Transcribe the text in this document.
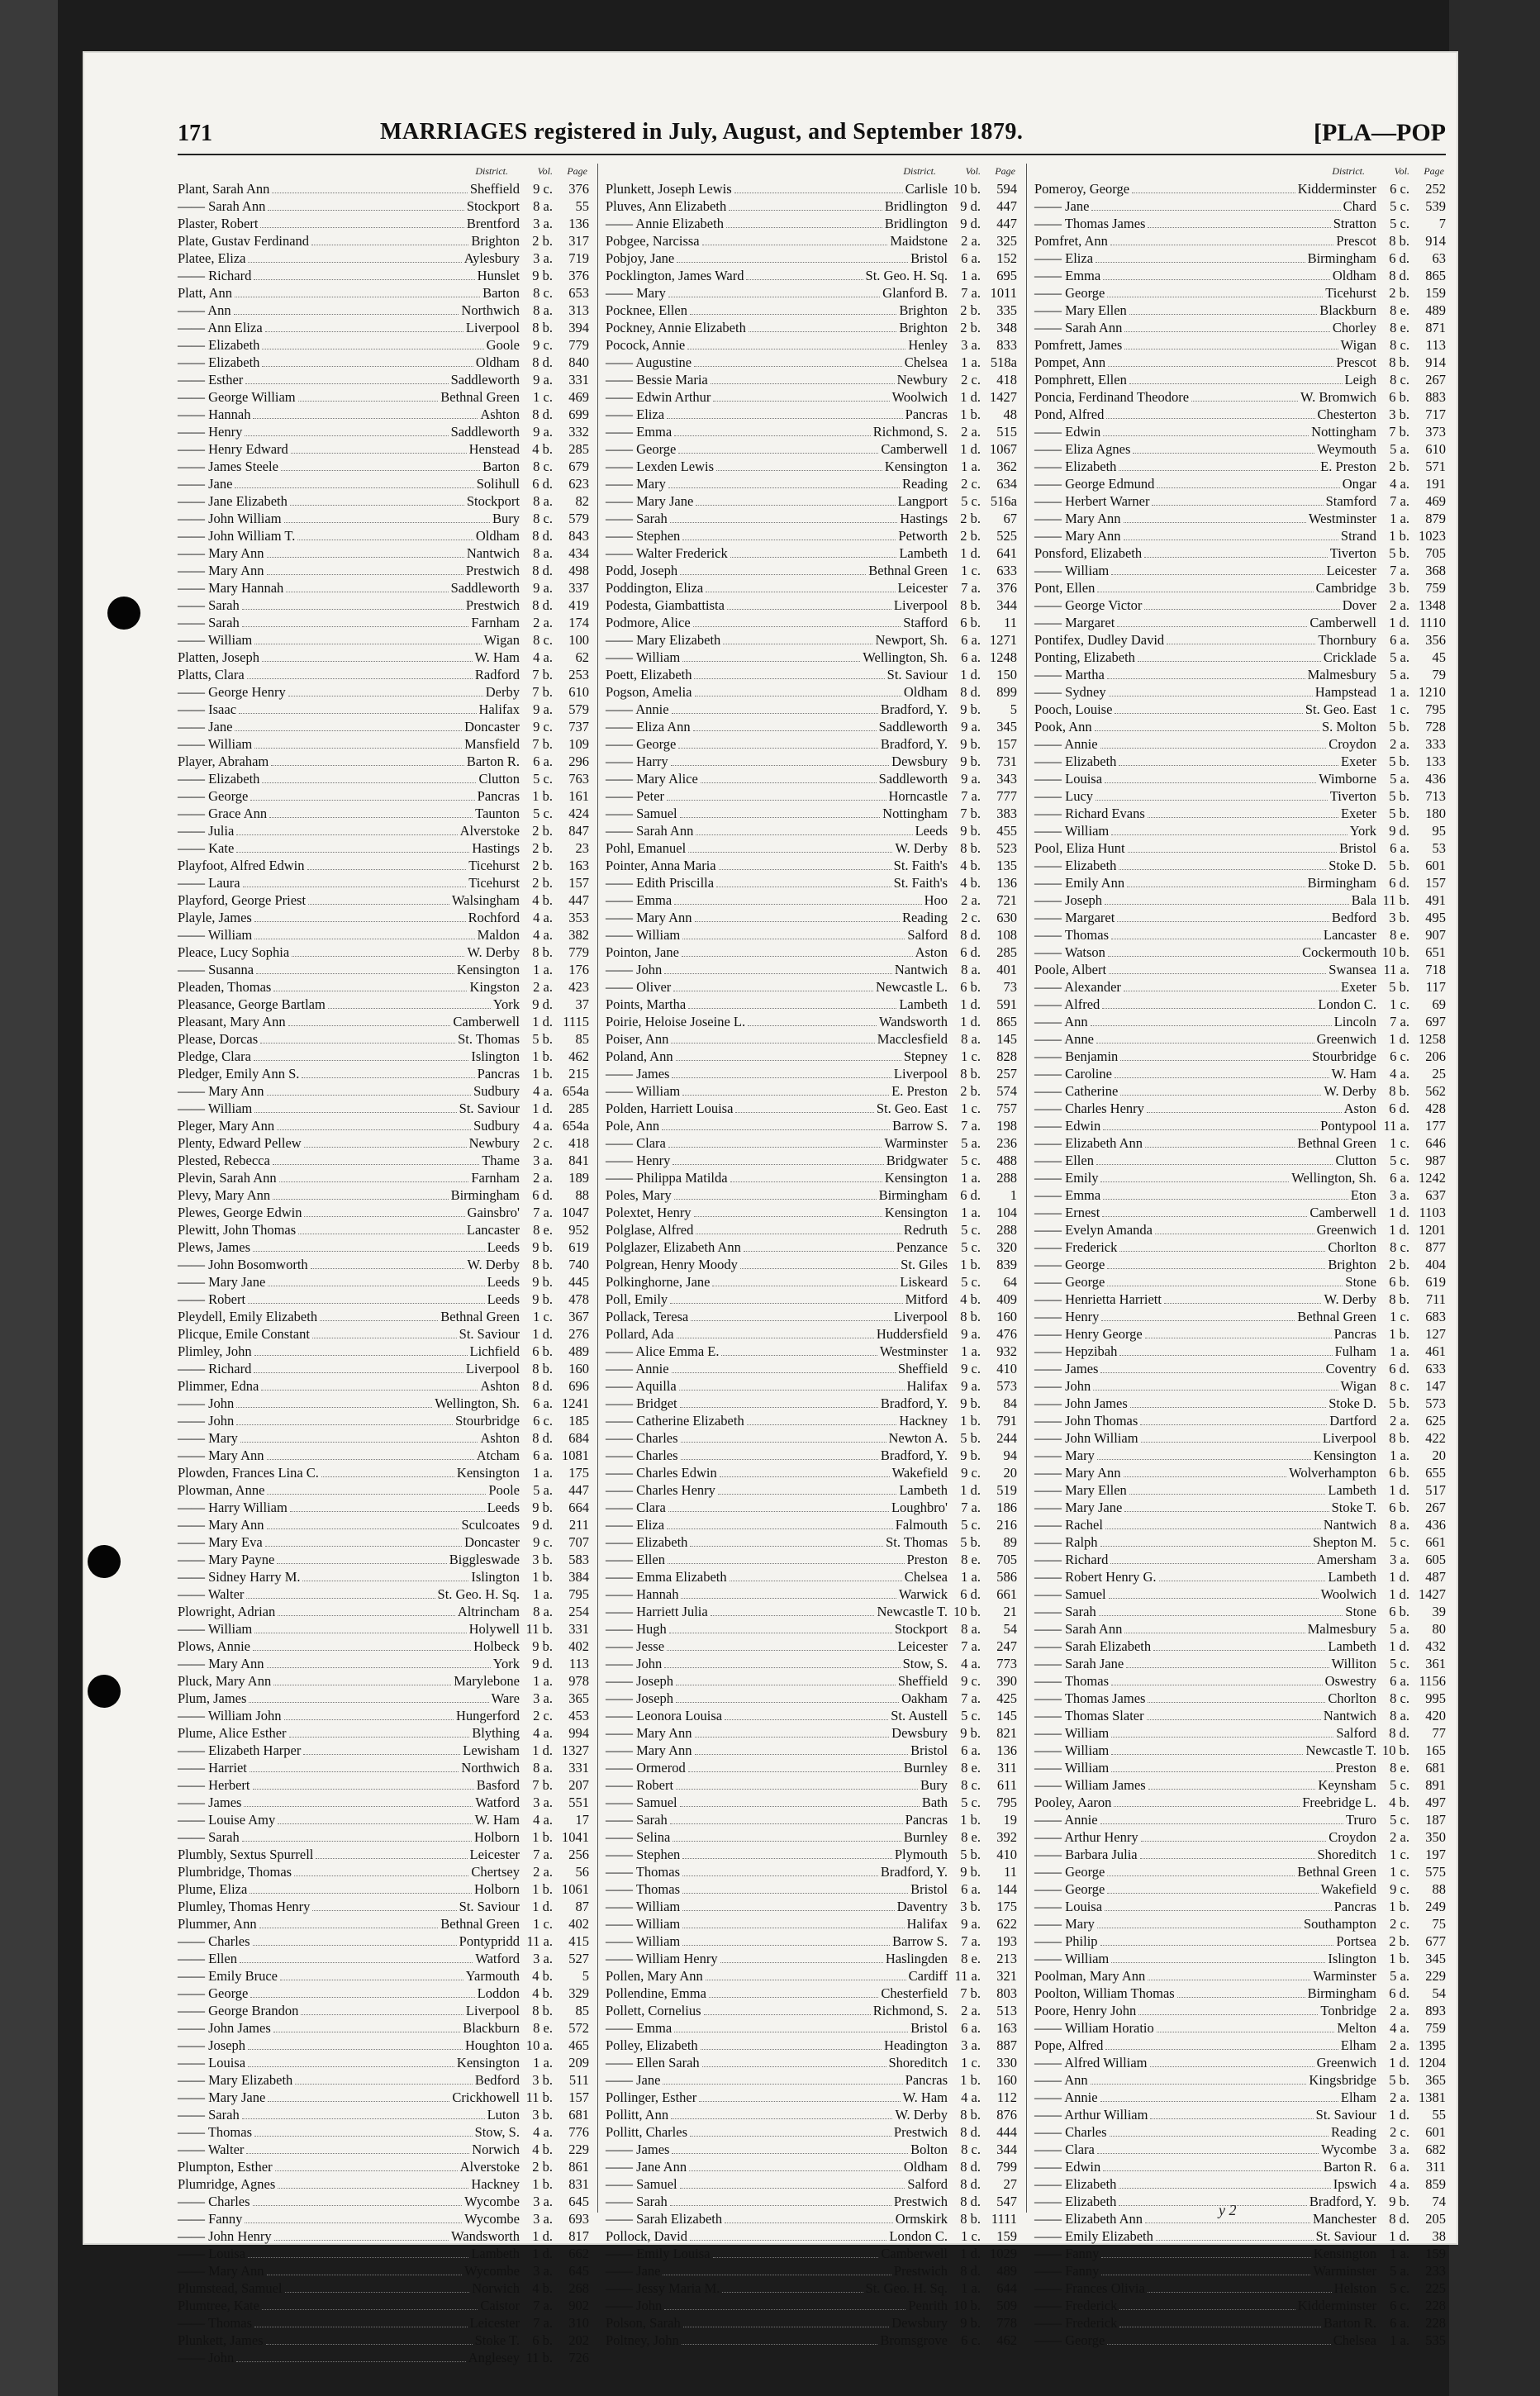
171	MARRIAGES registered in July, August, and September 1879.	[PLA—POP
District.	Vol. Page
Plant, Sarah Ann	Sheffield 9 c.	376
—— Sarah Ann	Stockport 8 a.	55
Plaster, Robert	Brentford 3 a.	136
Plate, Gustav Ferdinand	Brighton 2 b.	317
Platee, Eliza	Aylesbury 3 a.	719
—— Richard	Hunslet 9 b.	376
Platt, Ann	Barton 8 c.	653
—— Ann	Northwich 8 a.	313
—— Ann Eliza	Liverpool 8 b.	394
—— Elizabeth	Goole 9 c.	779
—— Elizabeth	Oldham 8 d.	840
—— Esther	Saddleworth 9 a.	331
—— George William	Bethnal Green 1 c.	469
—— Hannah	Ashton 8 d.	699
—— Henry	Saddleworth 9 a.	332
—— Henry Edward	Henstead 4 b.	285
—— James Steele	Barton 8 c.	679
—— Jane	Solihull 6 d.	623
—— Jane Elizabeth	Stockport 8 a.	82
—— John William	Bury 8 c.	579
—— John William T.	Oldham 8 d.	843
—— Mary Ann	Nantwich 8 a.	434
—— Mary Ann	Prestwich 8 d.	498
—— Mary Hannah	Saddleworth 9 a.	337
—— Sarah	Prestwich 8 d.	419
—— Sarah	Farnham 2 a.	174
—— William	Wigan 8 c.	100
Platten, Joseph	W. Ham 4 a.	62
Platts, Clara	Radford 7 b.	253
—— George Henry	Derby 7 b.	610
—— Isaac	Halifax 9 a.	579
—— Jane	Doncaster 9 c.	737
—— William	Mansfield 7 b.	109
Player, Abraham	Barton R. 6 a.	296
—— Elizabeth	Clutton 5 c.	763
—— George	Pancras 1 b.	161
—— Grace Ann	Taunton 5 c.	424
—— Julia	Alverstoke 2 b.	847
—— Kate	Hastings 2 b.	23
Playfoot, Alfred Edwin	Ticehurst 2 b.	163
—— Laura	Ticehurst 2 b.	157
Playford, George Priest	Walsingham 4 b.	447
Playle, James	Rochford 4 a.	353
—— William	Maldon 4 a.	382
Pleace, Lucy Sophia	W. Derby 8 b.	779
—— Susanna	Kensington 1 a.	176
Pleaden, Thomas	Kingston 2 a.	423
Pleasance, George Bartlam	York 9 d.	37
Pleasant, Mary Ann	Camberwell 1 d. 1115
Please, Dorcas	St. Thomas 5 b.	85
Pledge, Clara	Islington 1 b.	462
Pledger, Emily Ann S.	Pancras 1 b.	215
—— Mary Ann	Sudbury 4 a. 654a
—— William	St. Saviour 1 d.	285
Pleger, Mary Ann	Sudbury 4 a. 654a
Plenty, Edward Pellew	Newbury 2 c.	418
Plested, Rebecca	Thame 3 a.	841
Plevin, Sarah Ann	Farnham 2 a.	189
Plevy, Mary Ann	Birmingham 6 d.	88
Plewes, George Edwin	Gainsbro' 7 a. 1047
Plewitt, John Thomas	Lancaster 8 e.	952
Plews, James	Leeds 9 b.	619
—— John Bosomworth	W. Derby 8 b.	740
—— Mary Jane	Leeds 9 b.	445
—— Robert	Leeds 9 b.	478
Pleydell, Emily Elizabeth	Bethnal Green 1 c.	367
Plicque, Emile Constant	St. Saviour 1 d.	276
Plimley, John	Lichfield 6 b.	489
—— Richard	Liverpool 8 b.	160
Plimmer, Edna	Ashton 8 d.	696
—— John	Wellington, Sh. 6 a. 1241
—— John	Stourbridge 6 c.	185
—— Mary	Ashton 8 d.	684
—— Mary Ann	Atcham 6 a. 1081
Plowden, Frances Lina C.	Kensington 1 a.	175
Plowman, Anne	Poole 5 a.	447
—— Harry William	Leeds 9 b.	664
—— Mary Ann	Sculcoates 9 d.	211
—— Mary Eva	Doncaster 9 c.	707
—— Mary Payne	Biggleswade 3 b.	583
—— Sidney Harry M.	Islington 1 b.	384
—— Walter	St. Geo. H. Sq. 1 a.	795
Plowright, Adrian	Altrincham 8 a.	254
—— William	Holywell 11 b.	331
Plows, Annie	Holbeck 9 b.	402
—— Mary Ann	York 9 d.	113
Pluck, Mary Ann	Marylebone 1 a.	978
Plum, James	Ware 3 a.	365
—— William John	Hungerford 2 c.	453
Plume, Alice Esther	Blything 4 a.	994
—— Elizabeth Harper	Lewisham 1 d. 1327
—— Harriet	Northwich 8 a.	331
—— Herbert	Basford 7 b.	207
—— James	Watford 3 a.	551
—— Louise Amy	W. Ham 4 a.	17
—— Sarah	Holborn 1 b. 1041
Plumbly, Sextus Spurrell	Leicester 7 a.	256
Plumbridge, Thomas	Chertsey 2 a.	56
Plume, Eliza	Holborn 1 b. 1061
Plumley, Thomas Henry	St. Saviour 1 d.	87
Plummer, Ann	Bethnal Green 1 c.	402
—— Charles	Pontypridd 11 a.	415
—— Ellen	Watford 3 a.	527
—— Emily Bruce	Yarmouth 4 b.	5
—— George	Loddon 4 b.	329
—— George Brandon	Liverpool 8 b.	85
—— John James	Blackburn 8 e.	572
—— Joseph	Houghton 10 a.	465
—— Louisa	Kensington 1 a.	209
—— Mary Elizabeth	Bedford 3 b.	511
—— Mary Jane	Crickhowell 11 b.	157
—— Sarah	Luton 3 b.	681
—— Thomas	Stow, S. 4 a.	776
—— Walter	Norwich 4 b.	229
Plumpton, Esther	Alverstoke 2 b.	861
Plumridge, Agnes	Hackney 1 b.	831
—— Charles	Wycombe 3 a.	645
—— Fanny	Wycombe 3 a.	693
—— John Henry	Wandsworth 1 d.	817
—— Louisa	Lambeth 1 d.	662
—— Mary Ann	Wycombe 3 a.	645
Plumstead, Samuel	Norwich 4 b.	268
Plumtree, Kate	Caistor 7 a.	902
—— Thomas	Leicester 7 a.	310
Plunkett, James	Stoke T. 6 b.	202
—— John	Anglesey 11 b.	726
District.	Vol. Page
Plunkett, Joseph Lewis	Carlisle 10 b.	594
Pluves, Ann Elizabeth	Bridlington 9 d.	447
—— Annie Elizabeth	Bridlington 9 d.	447
Pobgee, Narcissa	Maidstone 2 a.	325
Pobjoy, Jane	Bristol 6 a.	152
Pocklington, James Ward	St. Geo. H. Sq. 1 a.	695
—— Mary	Glanford B. 7 a. 1011
Pocknee, Ellen	Brighton 2 b.	335
Pockney, Annie Elizabeth	Brighton 2 b.	348
Pocock, Annie	Henley 3 a.	833
—— Augustine	Chelsea 1 a. 518a
—— Bessie Maria	Newbury 2 c.	418
—— Edwin Arthur	Woolwich 1 d. 1427
—— Eliza	Pancras 1 b.	48
—— Emma	Richmond, S. 2 a.	515
—— George	Camberwell 1 d. 1067
—— Lexden Lewis	Kensington 1 a.	362
—— Mary	Reading 2 c.	634
—— Mary Jane	Langport 5 c. 516a
—— Sarah	Hastings 2 b.	67
—— Stephen	Petworth 2 b.	525
—— Walter Frederick	Lambeth 1 d.	641
Podd, Joseph	Bethnal Green 1 c.	633
Poddington, Eliza	Leicester 7 a.	376
Podesta, Giambattista	Liverpool 8 b.	344
Podmore, Alice	Stafford 6 b.	11
—— Mary Elizabeth	Newport, Sh. 6 a. 1271
—— William	Wellington, Sh. 6 a. 1248
Poett, Elizabeth	St. Saviour 1 d.	150
Pogson, Amelia	Oldham 8 d.	899
—— Annie	Bradford, Y. 9 b.	5
—— Eliza Ann	Saddleworth 9 a.	345
—— George	Bradford, Y. 9 b.	157
—— Harry	Dewsbury 9 b.	731
—— Mary Alice	Saddleworth 9 a.	343
—— Peter	Horncastle 7 a.	777
—— Samuel	Nottingham 7 b.	383
—— Sarah Ann	Leeds 9 b.	455
Pohl, Emanuel	W. Derby 8 b.	523
Pointer, Anna Maria	St. Faith's 4 b.	135
—— Edith Priscilla	St. Faith's 4 b.	136
—— Emma	Hoo 2 a.	721
—— Mary Ann	Reading 2 c.	630
—— William	Salford 8 d.	108
Pointon, Jane	Aston 6 d.	285
—— John	Nantwich 8 a.	401
—— Oliver	Newcastle L. 6 b.	73
Points, Martha	Lambeth 1 d.	591
Poirie, Heloise Joseine L.	Wandsworth 1 d.	865
Poiser, Ann	Macclesfield 8 a.	145
Poland, Ann	Stepney 1 c.	828
—— James	Liverpool 8 b.	257
—— William	E. Preston 2 b.	574
Polden, Harriett Louisa	St. Geo. East 1 c.	757
Pole, Ann	Barrow S. 7 a.	198
—— Clara	Warminster 5 a.	236
—— Henry	Bridgwater 5 c.	488
—— Philippa Matilda	Kensington 1 a.	288
Poles, Mary	Birmingham 6 d.	1
Polextet, Henry	Kensington 1 a.	104
Polglase, Alfred	Redruth 5 c.	288
Polglazer, Elizabeth Ann	Penzance 5 c.	320
Polgrean, Henry Moody	St. Giles 1 b.	839
Polkinghorne, Jane	Liskeard 5 c.	64
Poll, Emily	Mitford 4 b.	409
Pollack, Teresa	Liverpool 8 b.	160
Pollard, Ada	Huddersfield 9 a.	476
—— Alice Emma E.	Westminster 1 a.	932
—— Annie	Sheffield 9 c.	410
—— Aquilla	Halifax 9 a.	573
—— Bridget	Bradford, Y. 9 b.	84
—— Catherine Elizabeth	Hackney 1 b.	791
—— Charles	Newton A. 5 b.	244
—— Charles	Bradford, Y. 9 b.	94
—— Charles Edwin	Wakefield 9 c.	20
—— Charles Henry	Lambeth 1 d.	519
—— Clara	Loughbro' 7 a.	186
—— Eliza	Falmouth 5 c.	216
—— Elizabeth	St. Thomas 5 b.	89
—— Ellen	Preston 8 e.	705
—— Emma Elizabeth	Chelsea 1 a.	586
—— Hannah	Warwick 6 d.	661
—— Harriett Julia	Newcastle T. 10 b.	21
—— Hugh	Stockport 8 a.	54
—— Jesse	Leicester 7 a.	247
—— John	Stow, S. 4 a.	773
—— Joseph	Sheffield 9 c.	390
—— Joseph	Oakham 7 a.	425
—— Leonora Louisa	St. Austell 5 c.	145
—— Mary Ann	Dewsbury 9 b.	821
—— Mary Ann	Bristol 6 a.	136
—— Ormerod	Burnley 8 e.	311
—— Robert	Bury 8 c.	611
—— Samuel	Bath 5 c.	795
—— Sarah	Pancras 1 b.	19
—— Selina	Burnley 8 e.	392
—— Stephen	Plymouth 5 b.	410
—— Thomas	Bradford, Y. 9 b.	11
—— Thomas	Bristol 6 a.	144
—— William	Daventry 3 b.	175
—— William	Halifax 9 a.	622
—— William	Barrow S. 7 a.	193
—— William Henry	Haslingden 8 e.	213
Pollen, Mary Ann	Cardiff 11 a.	321
Pollendine, Emma	Chesterfield 7 b.	803
Pollett, Cornelius	Richmond, S. 2 a.	513
—— Emma	Bristol 6 a.	163
Polley, Elizabeth	Headington 3 a.	887
—— Ellen Sarah	Shoreditch 1 c.	330
—— Jane	Pancras 1 b.	160
Pollinger, Esther	W. Ham 4 a.	112
Pollitt, Ann	W. Derby 8 b.	876
Pollitt, Charles	Prestwich 8 d.	444
—— James	Bolton 8 c.	344
—— Jane Ann	Oldham 8 d.	799
—— Samuel	Salford 8 d.	27
—— Sarah	Prestwich 8 d.	547
—— Sarah Elizabeth	Ormskirk 8 b. 1111
Pollock, David	London C. 1 c.	159
—— Emily Louisa	Camberwell 1 d. 1029
—— Jane	Prestwich 8 d.	489
—— Jessy Maria M.	St. Geo. H. Sq. 1 a.	644
—— John	Penrith 10 b.	509
Polson, Sarah	Dewsbury 9 b.	778
Poltney, John	Bromsgrove 6 c.	462
District.	Vol. Page
Pomeroy, George	Kidderminster 6 c.	252
—— Jane	Chard 5 c.	539
—— Thomas James	Stratton 5 c.	7
Pomfret, Ann	Prescot 8 b.	914
—— Eliza	Birmingham 6 d.	63
—— Emma	Oldham 8 d.	865
—— George	Ticehurst 2 b.	159
—— Mary Ellen	Blackburn 8 e.	489
—— Sarah Ann	Chorley 8 e.	871
Pomfrett, James	Wigan 8 c.	113
Pompet, Ann	Prescot 8 b.	914
Pomphrett, Ellen	Leigh 8 c.	267
Poncia, Ferdinand Theodore	W. Bromwich 6 b.	883
Pond, Alfred	Chesterton 3 b.	717
—— Edwin	Nottingham 7 b.	373
—— Eliza Agnes	Weymouth 5 a.	610
—— Elizabeth	E. Preston 2 b.	571
—— George Edmund	Ongar 4 a.	191
—— Herbert Warner	Stamford 7 a.	469
—— Mary Ann	Westminster 1 a.	879
—— Mary Ann	Strand 1 b. 1023
Ponsford, Elizabeth	Tiverton 5 b.	705
—— William	Leicester 7 a.	368
Pont, Ellen	Cambridge 3 b.	759
—— George Victor	Dover 2 a. 1348
—— Margaret	Camberwell 1 d. 1110
Pontifex, Dudley David	Thornbury 6 a.	356
Ponting, Elizabeth	Cricklade 5 a.	45
—— Martha	Malmesbury 5 a.	79
—— Sydney	Hampstead 1 a. 1210
Pooch, Louise	St. Geo. East 1 c.	795
Pook, Ann	S. Molton 5 b.	728
—— Annie	Croydon 2 a.	333
—— Elizabeth	Exeter 5 b.	133
—— Louisa	Wimborne 5 a.	436
—— Lucy	Tiverton 5 b.	713
—— Richard Evans	Exeter 5 b.	180
—— William	York 9 d.	95
Pool, Eliza Hunt	Bristol 6 a.	53
—— Elizabeth	Stoke D. 5 b.	601
—— Emily Ann	Birmingham 6 d.	157
—— Joseph	Bala 11 b.	491
—— Margaret	Bedford 3 b.	495
—— Thomas	Lancaster 8 e.	907
—— Watson	Cockermouth 10 b.	651
Poole, Albert	Swansea 11 a.	718
—— Alexander	Exeter 5 b.	117
—— Alfred	London C. 1 c.	69
—— Ann	Lincoln 7 a.	697
—— Anne	Greenwich 1 d. 1258
—— Benjamin	Stourbridge 6 c.	206
—— Caroline	W. Ham 4 a.	25
—— Catherine	W. Derby 8 b.	562
—— Charles Henry	Aston 6 d.	428
—— Edwin	Pontypool 11 a.	177
—— Elizabeth Ann	Bethnal Green 1 c.	646
—— Ellen	Clutton 5 c.	987
—— Emily	Wellington, Sh. 6 a. 1242
—— Emma	Eton 3 a.	637
—— Ernest	Camberwell 1 d. 1103
—— Evelyn Amanda	Greenwich 1 d. 1201
—— Frederick	Chorlton 8 c.	877
—— George	Brighton 2 b.	404
—— George	Stone 6 b.	619
—— Henrietta Harriett	W. Derby 8 b.	711
—— Henry	Bethnal Green 1 c.	683
—— Henry George	Pancras 1 b.	127
—— Hepzibah	Fulham 1 a.	461
—— James	Coventry 6 d.	633
—— John	Wigan 8 c.	147
—— John James	Stoke D. 5 b.	573
—— John Thomas	Dartford 2 a.	625
—— John William	Liverpool 8 b.	422
—— Mary	Kensington 1 a.	20
—— Mary Ann	Wolverhampton 6 b.	655
—— Mary Ellen	Lambeth 1 d.	517
—— Mary Jane	Stoke T. 6 b.	267
—— Rachel	Nantwich 8 a.	436
—— Ralph	Shepton M. 5 c.	661
—— Richard	Amersham 3 a.	605
—— Robert Henry G.	Lambeth 1 d.	487
—— Samuel	Woolwich 1 d. 1427
—— Sarah	Stone 6 b.	39
—— Sarah Ann	Malmesbury 5 a.	80
—— Sarah Elizabeth	Lambeth 1 d.	432
—— Sarah Jane	Williton 5 c.	361
—— Thomas	Oswestry 6 a. 1156
—— Thomas James	Chorlton 8 c.	995
—— Thomas Slater	Nantwich 8 a.	420
—— William	Salford 8 d.	77
—— William	Newcastle T. 10 b.	165
—— William	Preston 8 e.	681
—— William James	Keynsham 5 c.	891
Pooley, Aaron	Freebridge L. 4 b.	497
—— Annie	Truro 5 c.	187
—— Arthur Henry	Croydon 2 a.	350
—— Barbara Julia	Shoreditch 1 c.	197
—— George	Bethnal Green 1 c.	575
—— George	Wakefield 9 c.	88
—— Louisa	Pancras 1 b.	249
—— Mary	Southampton 2 c.	75
—— Philip	Portsea 2 b.	677
—— William	Islington 1 b.	345
Poolman, Mary Ann	Warminster 5 a.	229
Poolton, William Thomas	Birmingham 6 d.	54
Poore, Henry John	Tonbridge 2 a.	893
—— William Horatio	Melton 4 a.	759
Pope, Alfred	Elham 2 a. 1395
—— Alfred William	Greenwich 1 d. 1204
—— Ann	Kingsbridge 5 b.	365
—— Annie	Elham 2 a. 1381
—— Arthur William	St. Saviour 1 d.	55
—— Charles	Reading 2 c.	601
—— Clara	Wycombe 3 a.	682
—— Edwin	Barton R. 6 a.	311
—— Elizabeth	Ipswich 4 a.	859
—— Elizabeth	Bradford, Y. 9 b.	74
—— Elizabeth Ann	Manchester 8 d.	205
—— Emily Elizabeth	St. Saviour 1 d.	38
—— Fanny	Kensington 1 a.	159
—— Fanny	Warminster 5 a.	233
—— Frances Olivia	Helston 5 c.	225
—— Frederick	Kidderminster 6 c.	228
—— Frederick	Barton R. 6 a.	228
—— George	Chelsea 1 a.	535
y 2
